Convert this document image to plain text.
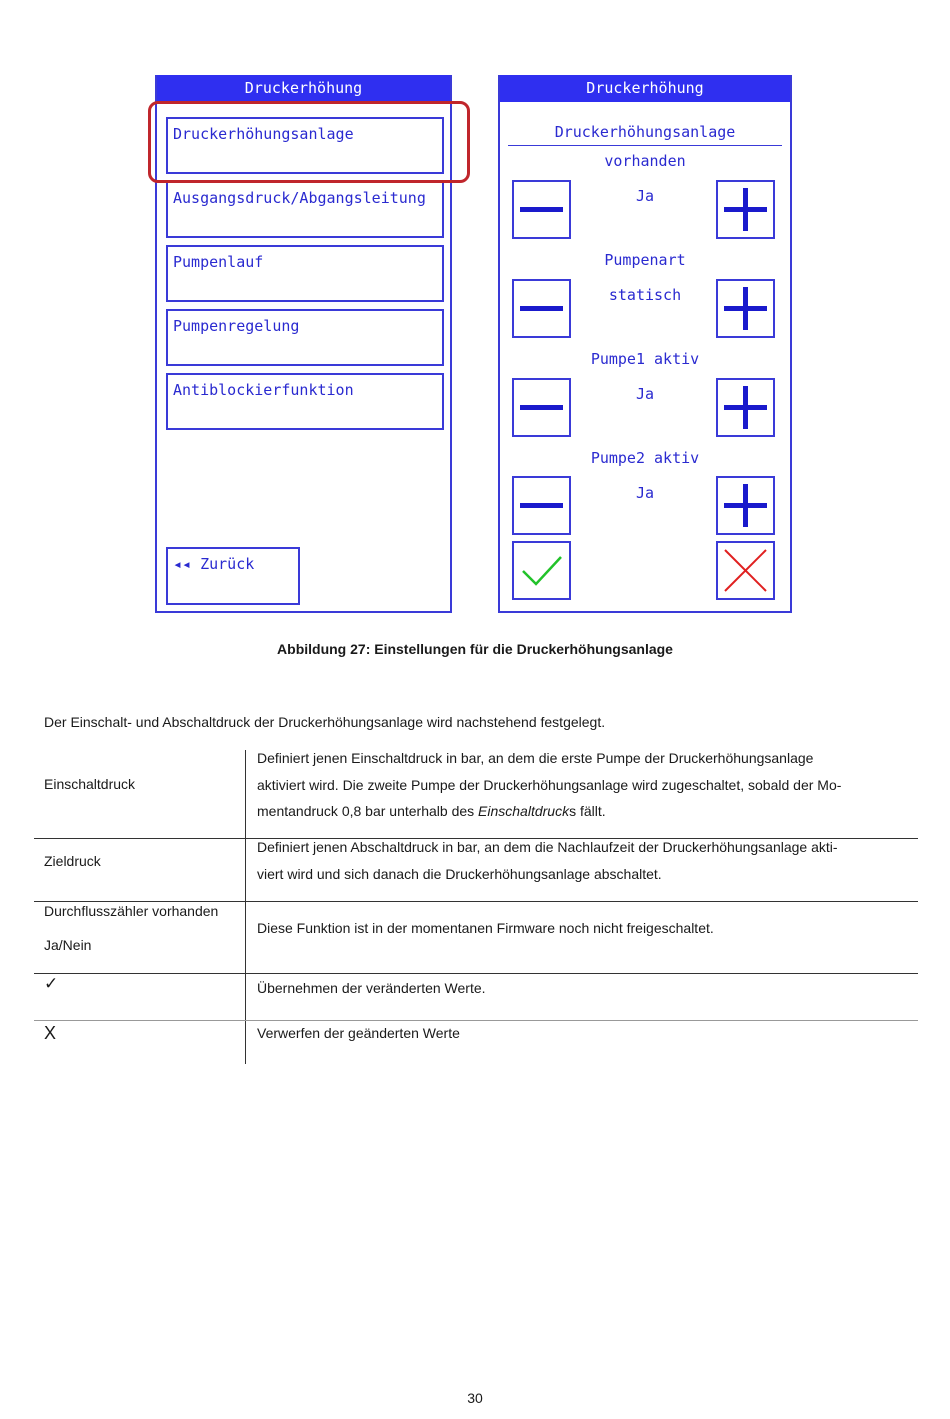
Druckerhöhung
Druckerhöhungsanlage
Ausgangsdruck/Abgangsleitung
Pumpenlauf
Pumpenregelung
Antiblockierfunktion
◂◂ Zurück
Druckerhöhung
Druckerhöhungsanlage
vorhanden
Ja
Pumpenart
statisch
Pumpe1 aktiv
Ja
Pumpe2 aktiv
Ja
Abbildung 27: Einstellungen für die Druckerhöhungsanlage
Der Einschalt- und Abschaltdruck der Druckerhöhungsanlage wird nachstehend festgelegt.
Einschaltdruck
Definiert jenen Einschaltdruck in bar, an dem die erste Pumpe der Druckerhöhungsanlage
aktiviert wird. Die zweite Pumpe der Druckerhöhungsanlage wird zugeschaltet, sobald der Mo-
mentandruck 0,8 bar unterhalb des Einschaltdrucks fällt.
Zieldruck
Definiert jenen Abschaltdruck in bar, an dem die Nachlaufzeit der Druckerhöhungsanlage akti-
viert wird und sich danach die Druckerhöhungsanlage abschaltet.
Durchflusszähler vorhanden
Ja/Nein
Diese Funktion ist in der momentanen Firmware noch nicht freigeschaltet.
✓	Übernehmen der veränderten Werte.
X	Verwerfen der geänderten Werte
30
